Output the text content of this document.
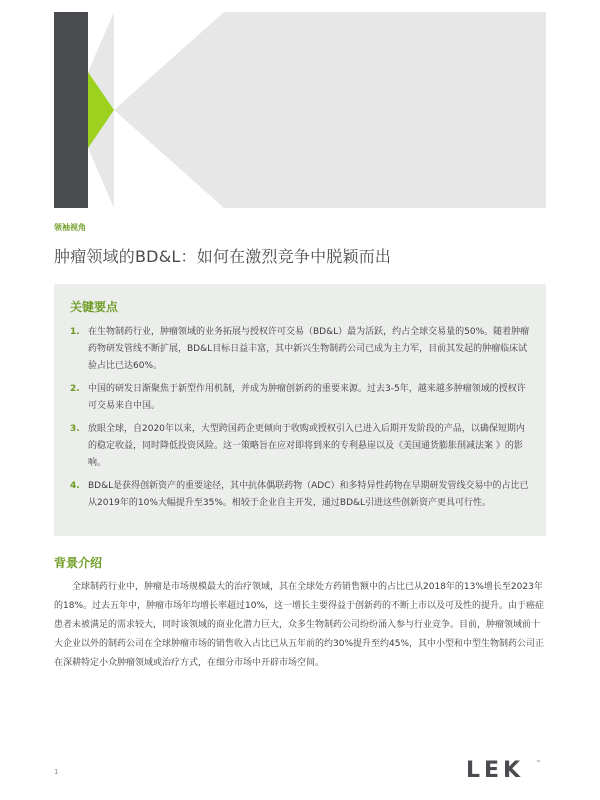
领袖视角
肿瘤领域的BD&L：如何在激烈竞争中脱颖而出
关键要点
1. 在生物制药行业，肿瘤领域的业务拓展与授权许可交易（BD&L）最为活跃，约占全球交易量的50%。随着肿瘤药物研发管线不断扩展，BD&L目标日益丰富，其中新兴生物制药公司已成为主力军，目前其发起的肿瘤临床试验占比已达60%。
2. 中国的研发日渐聚焦于新型作用机制，并成为肿瘤创新药的重要来源。过去3-5年，越来越多肿瘤领域的授权许可交易来自中国。
3. 放眼全球，自2020年以来，大型跨国药企更倾向于收购或授权引入已进入后期开发阶段的产品，以确保短期内的稳定收益，同时降低投资风险。这一策略旨在应对即将到来的专利悬崖以及《美国通货膨胀削减法案 》的影响。
4. BD&L是获得创新资产的重要途径，其中抗体偶联药物（ADC）和多特异性药物在早期研发管线交易中的占比已从2019年的10%大幅提升至35%。相较于企业自主开发，通过BD&L引进这些创新资产更具可行性。
背景介绍
全球制药行业中，肿瘤是市场规模最大的治疗领域，其在全球处方药销售额中的占比已从2018年的13%增长至2023年的18%。过去五年中，肿瘤市场年均增长率超过10%，这一增长主要得益于创新药的不断上市以及可及性的提升。由于癌症患者未被满足的需求较大，同时该领域的商业化潜力巨大，众多生物制药公司纷纷涌入参与行业竞争。目前，肿瘤领域前十大企业以外的制药公司在全球肿瘤市场的销售收入占比已从五年前的约30%提升至约45%，其中小型和中型生物制药公司正在深耕特定小众肿瘤领域或治疗方式，在细分市场中开辟市场空间。
1	LEK ™
